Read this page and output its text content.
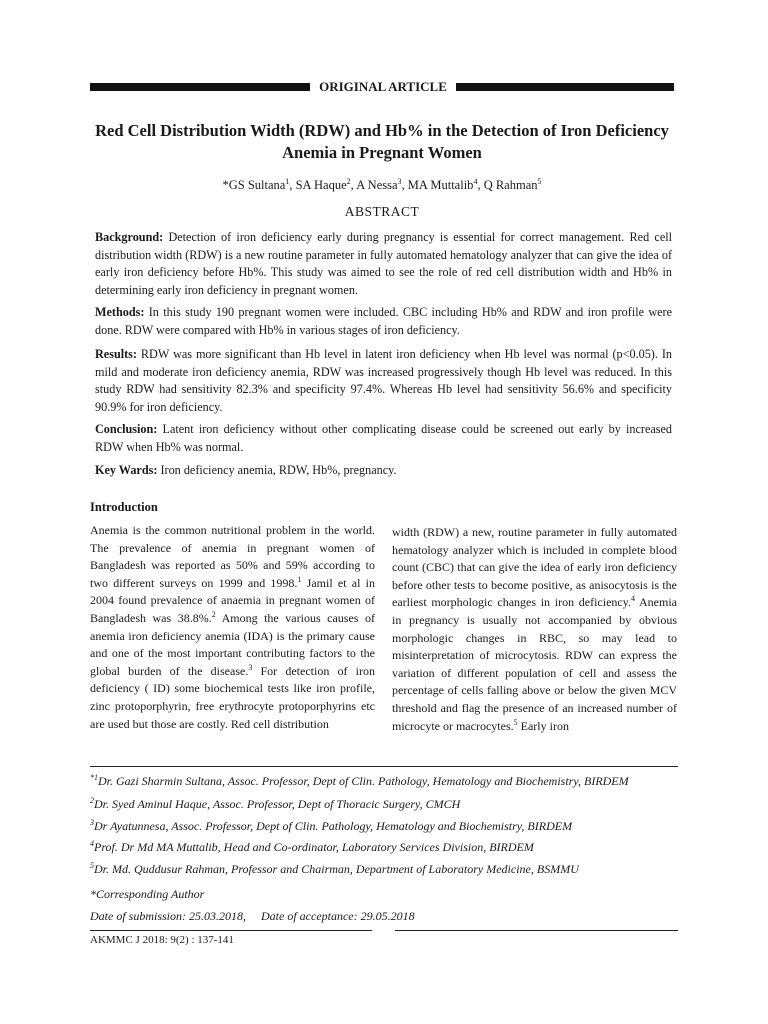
ORIGINAL ARTICLE
Red Cell Distribution Width (RDW) and Hb% in the Detection of Iron Deficiency Anemia in Pregnant Women
*GS Sultana$^1$, SA Haque$^2$, A Nessa$^3$, MA Muttalib$^4$, Q Rahman$^5$
ABSTRACT
Background: Detection of iron deficiency early during pregnancy is essential for correct management. Red cell distribution width (RDW) is a new routine parameter in fully automated hematology analyzer that can give the idea of early iron deficiency before Hb%. This study was aimed to see the role of red cell distribution width and Hb% in determining early iron deficiency in pregnant women.
Methods: In this study 190 pregnant women were included. CBC including Hb% and RDW and iron profile were done. RDW were compared with Hb% in various stages of iron deficiency.
Results: RDW was more significant than Hb level in latent iron deficiency when Hb level was normal (p<0.05). In mild and moderate iron deficiency anemia, RDW was increased progressively though Hb level was reduced. In this study RDW had sensitivity 82.3% and specificity 97.4%. Whereas Hb level had sensitivity 56.6% and specificity 90.9% for iron deficiency.
Conclusion: Latent iron deficiency without other complicating disease could be screened out early by increased RDW when Hb% was normal.
Key Wards: Iron deficiency anemia, RDW, Hb%, pregnancy.
Introduction
Anemia is the common nutritional problem in the world. The prevalence of anemia in pregnant women of Bangladesh was reported as 50% and 59% according to two different surveys on 1999 and 1998.$^1$ Jamil et al in 2004 found prevalence of anaemia in pregnant women of Bangladesh was 38.8%.$^2$ Among the various causes of anemia iron deficiency anemia (IDA) is the primary cause and one of the most important contributing factors to the global burden of the disease.$^3$ For detection of iron deficiency ( ID) some biochemical tests like iron profile, zinc protoporphyrin, free erythrocyte protoporphyrins etc are used but those are costly. Red cell distribution
width (RDW) a new, routine parameter in fully automated hematology analyzer which is included in complete blood count (CBC) that can give the idea of early iron deficiency before other tests to become positive, as anisocytosis is the earliest morphologic changes in iron deficiency.$^4$ Anemia in pregnancy is usually not accompanied by obvious morphologic changes in RBC, so may lead to misinterpretation of microcytosis. RDW can express the variation of different population of cell and assess the percentage of cells falling above or below the given MCV threshold and flag the presence of an increased number of microcyte or macrocytes.$^5$ Early iron
$^{*1}$Dr. Gazi Sharmin Sultana, Assoc. Professor, Dept of Clin. Pathology, Hematology and Biochemistry, BIRDEM
$^2$Dr. Syed Aminul Haque, Assoc. Professor, Dept of Thoracic Surgery, CMCH
$^3$Dr Ayatunnesa, Assoc. Professor, Dept of Clin. Pathology, Hematology and Biochemistry, BIRDEM
$^4$Prof. Dr Md MA Muttalib, Head and Co-ordinator, Laboratory Services Division, BIRDEM
$^5$Dr. Md. Quddusur Rahman, Professor and Chairman, Department of Laboratory Medicine, BSMMU
*Corresponding Author
Date of submission: 25.03.2018, Date of acceptance: 29.05.2018
AKMMC J 2018: 9(2) : 137-141
